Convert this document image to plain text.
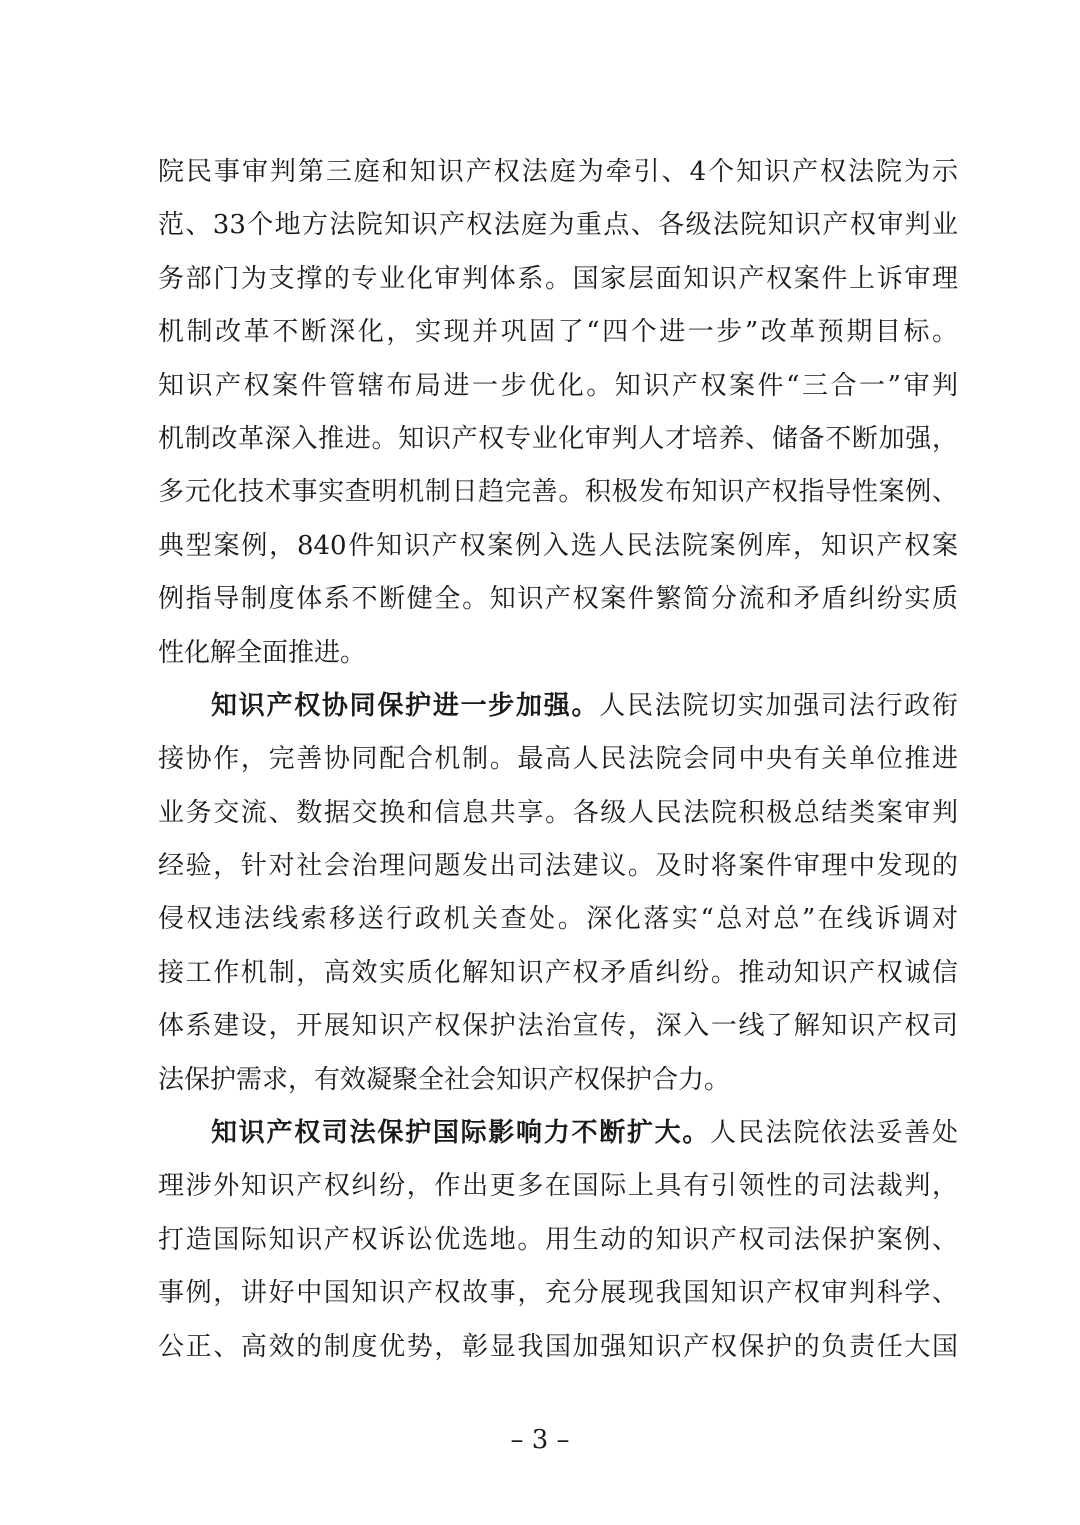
院民事审判第三庭和知识产权法庭为牵引、4个知识产权法院为示
范、33个地方法院知识产权法庭为重点、各级法院知识产权审判业
务部门为支撑的专业化审判体系。国家层面知识产权案件上诉审理
机制改革不断深化，实现并巩固了“四个进一步”改革预期目标。
知识产权案件管辖布局进一步优化。知识产权案件“三合一”审判
机制改革深入推进。知识产权专业化审判人才培养、储备不断加强，
多元化技术事实查明机制日趋完善。积极发布知识产权指导性案例、
典型案例，840件知识产权案例入选人民法院案例库，知识产权案
例指导制度体系不断健全。知识产权案件繁简分流和矛盾纠纷实质
性化解全面推进。
知识产权协同保护进一步加强。人民法院切实加强司法行政衔
接协作，完善协同配合机制。最高人民法院会同中央有关单位推进
业务交流、数据交换和信息共享。各级人民法院积极总结类案审判
经验，针对社会治理问题发出司法建议。及时将案件审理中发现的
侵权违法线索移送行政机关查处。深化落实“总对总”在线诉调对
接工作机制，高效实质化解知识产权矛盾纠纷。推动知识产权诚信
体系建设，开展知识产权保护法治宣传，深入一线了解知识产权司
法保护需求，有效凝聚全社会知识产权保护合力。
知识产权司法保护国际影响力不断扩大。人民法院依法妥善处
理涉外知识产权纠纷，作出更多在国际上具有引领性的司法裁判，
打造国际知识产权诉讼优选地。用生动的知识产权司法保护案例、
事例，讲好中国知识产权故事，充分展现我国知识产权审判科学、
公正、高效的制度优势，彰显我国加强知识产权保护的负责任大国
– 3 –
